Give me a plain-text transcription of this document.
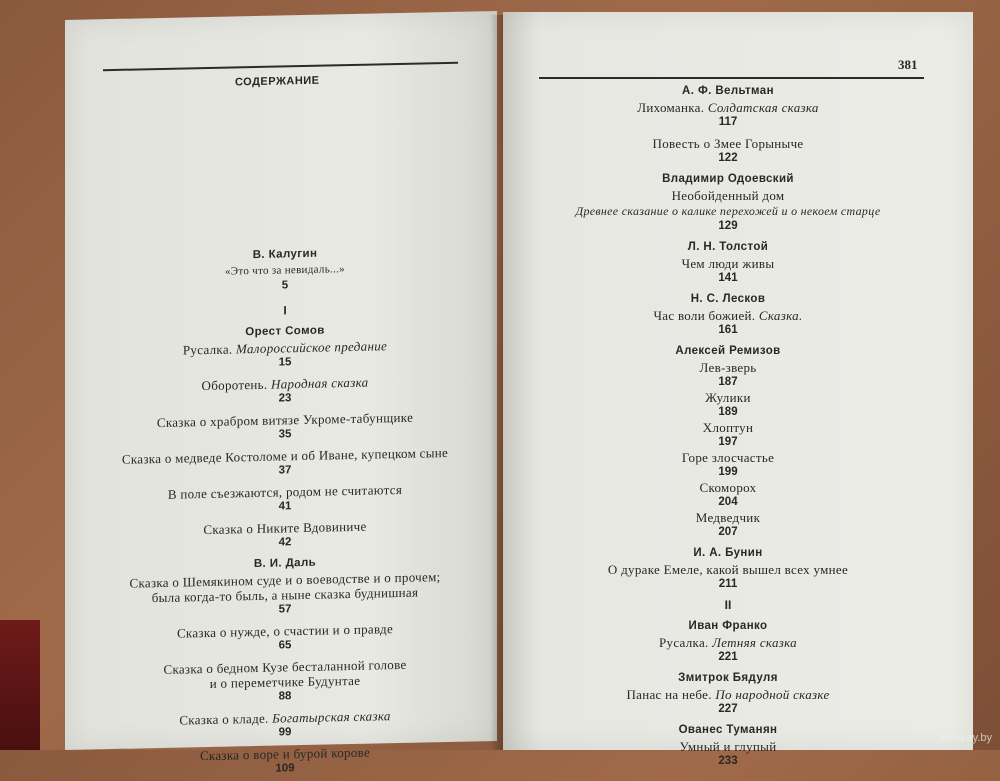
СОДЕРЖАНИЕ
В. Калугин
«Это что за невидаль...»
5
I
Орест Сомов
Русалка. Малороссийское предание
15
Оборотень. Народная сказка
23
Сказка о храбром витязе Укроме-табунщике
35
Сказка о медведе Костоломе и об Иване, купецком сыне
37
В поле съезжаются, родом не считаются
41
Сказка о Никите Вдовиниче
42
В. И. Даль
Сказка о Шемякином суде и о воеводстве и о прочем;
была когда-то быль, а ныне сказка буднишная
57
Сказка о нужде, о счастии и о правде
65
Сказка о бедном Кузе бесталанной голове
и о переметчике Будунтае
88
Сказка о кладе. Богатырская сказка
99
Сказка о воре и бурой корове
109
381
А. Ф. Вельтман
Лихоманка. Солдатская сказка
117
Повесть о Змее Горыныче
122
Владимир Одоевский
Необойденный дом
Древнее сказание о калике перехожей и о некоем старце
129
Л. Н. Толстой
Чем люди живы
141
Н. С. Лесков
Час воли божией. Сказка.
161
Алексей Ремизов
Лев-зверь
187
Жулики
189
Хлоптун
197
Горе злосчастье
199
Скоморох
204
Медведчик
207
И. А. Бунин
О дураке Емеле, какой вышел всех умнее
211
II
Иван Франко
Русалка. Летняя сказка
221
Змитрок Бядуля
Панас на небе. По народной сказке
227
Ованес Туманян
Умный и глупый
233
www.ay.by
